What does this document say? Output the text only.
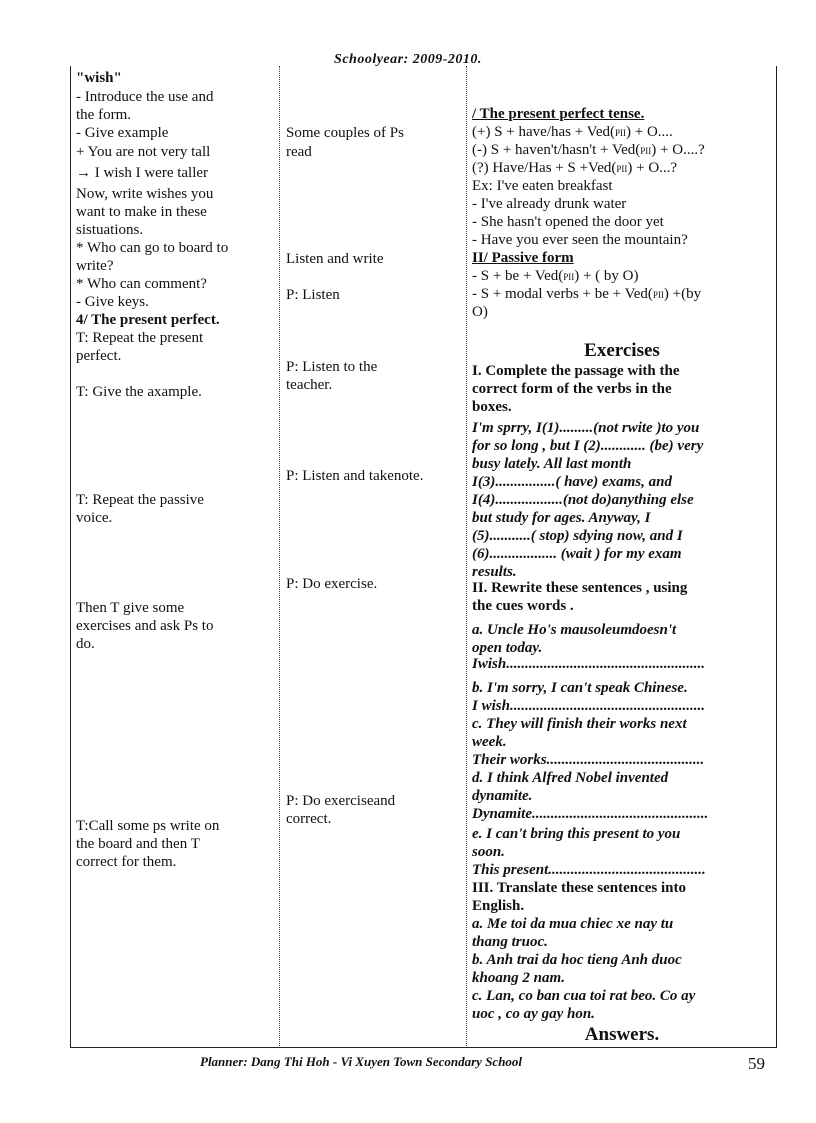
Schoolyear: 2009-2010.
"wish"
- Introduce the use and
the form.
- Give example
+ You are not very tall
→ I wish I were taller
Now, write wishes you
want to make in these
sistuations.
* Who can go to board to
write?
* Who can comment?
- Give keys.
4/ The present perfect.
T: Repeat the present
perfect.
T: Give the axample.
T: Repeat the passive
voice.
Then T give some
exercises and ask Ps to
do.
T:Call some ps write on
the board and then T
correct for them.
Some couples of Ps
read
Listen and write
P: Listen
P: Listen to the
teacher.
P: Listen and takenote.
P: Do exercise.
P: Do exerciseand
correct.
/ The present perfect tense.
(+) S + have/has + Ved(PII) + O....
(-) S + haven't/hasn't + Ved(PII) + O....?
(?) Have/Has + S +Ved(PII) + O...?
Ex: I've eaten breakfast
- I've already drunk water
- She hasn't opened the door yet
- Have you ever seen the mountain?
II/ Passive form
- S + be + Ved(PII) + ( by O)
- S + modal verbs + be + Ved(PII) +(by
O)
Exercises
I. Complete the passage with the
correct form of the verbs in the
boxes.
I'm sprry, I(1).........(not rwite )to you
for so long , but I (2)............ (be) very
busy lately. All last month
I(3)................( have) exams, and
I(4)..................(not do)anything else
but study for ages. Anyway, I
(5)...........( stop) sdying now, and I
(6).................. (wait ) for my exam
results.
II. Rewrite these sentences , using
the cues words .
a. Uncle Ho's mausoleumdoesn't
open today.
Iwish.....................................................
b. I'm sorry, I can't speak Chinese.
I wish....................................................
c. They will finish their works next
week.
Their works..........................................
d. I think Alfred Nobel invented
dynamite.
Dynamite...............................................
e. I can't bring this present to you
soon.
This present..........................................
III. Translate these sentences into
English.
a. Me toi da mua chiec xe nay tu
thang truoc.
b. Anh trai da hoc tieng Anh duoc
khoang 2 nam.
c. Lan, co ban cua toi rat beo. Co ay
uoc , co ay gay hon.
Answers.
Planner: Dang Thi Hoh - Vi Xuyen Town Secondary School	59
